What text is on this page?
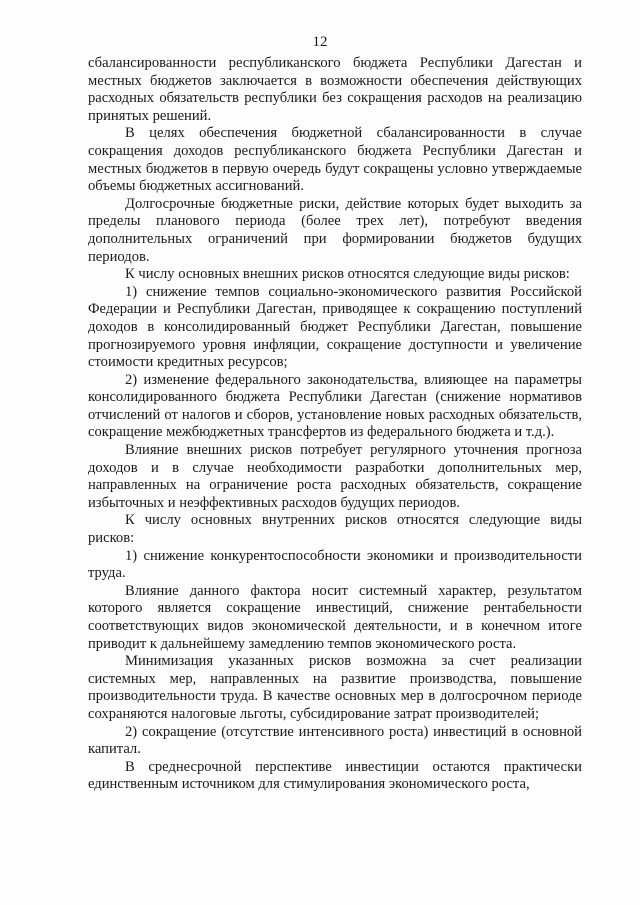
12

сбалансированности республиканского бюджета Республики Дагестан и местных бюджетов заключается в возможности обеспечения действующих расходных обязательств республики без сокращения расходов на реализацию принятых решений.

В целях обеспечения бюджетной сбалансированности в случае сокращения доходов республиканского бюджета Республики Дагестан и местных бюджетов в первую очередь будут сокращены условно утверждаемые объемы бюджетных ассигнований.

Долгосрочные бюджетные риски, действие которых будет выходить за пределы планового периода (более трех лет), потребуют введения дополнительных ограничений при формировании бюджетов будущих периодов.

К числу основных внешних рисков относятся следующие виды рисков:

1) снижение темпов социально-экономического развития Российской Федерации и Республики Дагестан, приводящее к сокращению поступлений доходов в консолидированный бюджет Республики Дагестан, повышение прогнозируемого уровня инфляции, сокращение доступности и увеличение стоимости кредитных ресурсов;

2) изменение федерального законодательства, влияющее на параметры консолидированного бюджета Республики Дагестан (снижение нормативов отчислений от налогов и сборов, установление новых расходных обязательств, сокращение межбюджетных трансфертов из федерального бюджета и т.д.).

Влияние внешних рисков потребует регулярного уточнения прогноза доходов и в случае необходимости разработки дополнительных мер, направленных на ограничение роста расходных обязательств, сокращение избыточных и неэффективных расходов будущих периодов.

К числу основных внутренних рисков относятся следующие виды рисков:

1) снижение конкурентоспособности экономики и производительности труда.

Влияние данного фактора носит системный характер, результатом которого является сокращение инвестиций, снижение рентабельности соответствующих видов экономической деятельности, и в конечном итоге приводит к дальнейшему замедлению темпов экономического роста.

Минимизация указанных рисков возможна за счет реализации системных мер, направленных на развитие производства, повышение производительности труда. В качестве основных мер в долгосрочном периоде сохраняются налоговые льготы, субсидирование затрат производителей;

2) сокращение (отсутствие интенсивного роста) инвестиций в основной капитал.

В среднесрочной перспективе инвестиции остаются практически единственным источником для стимулирования экономического роста,
